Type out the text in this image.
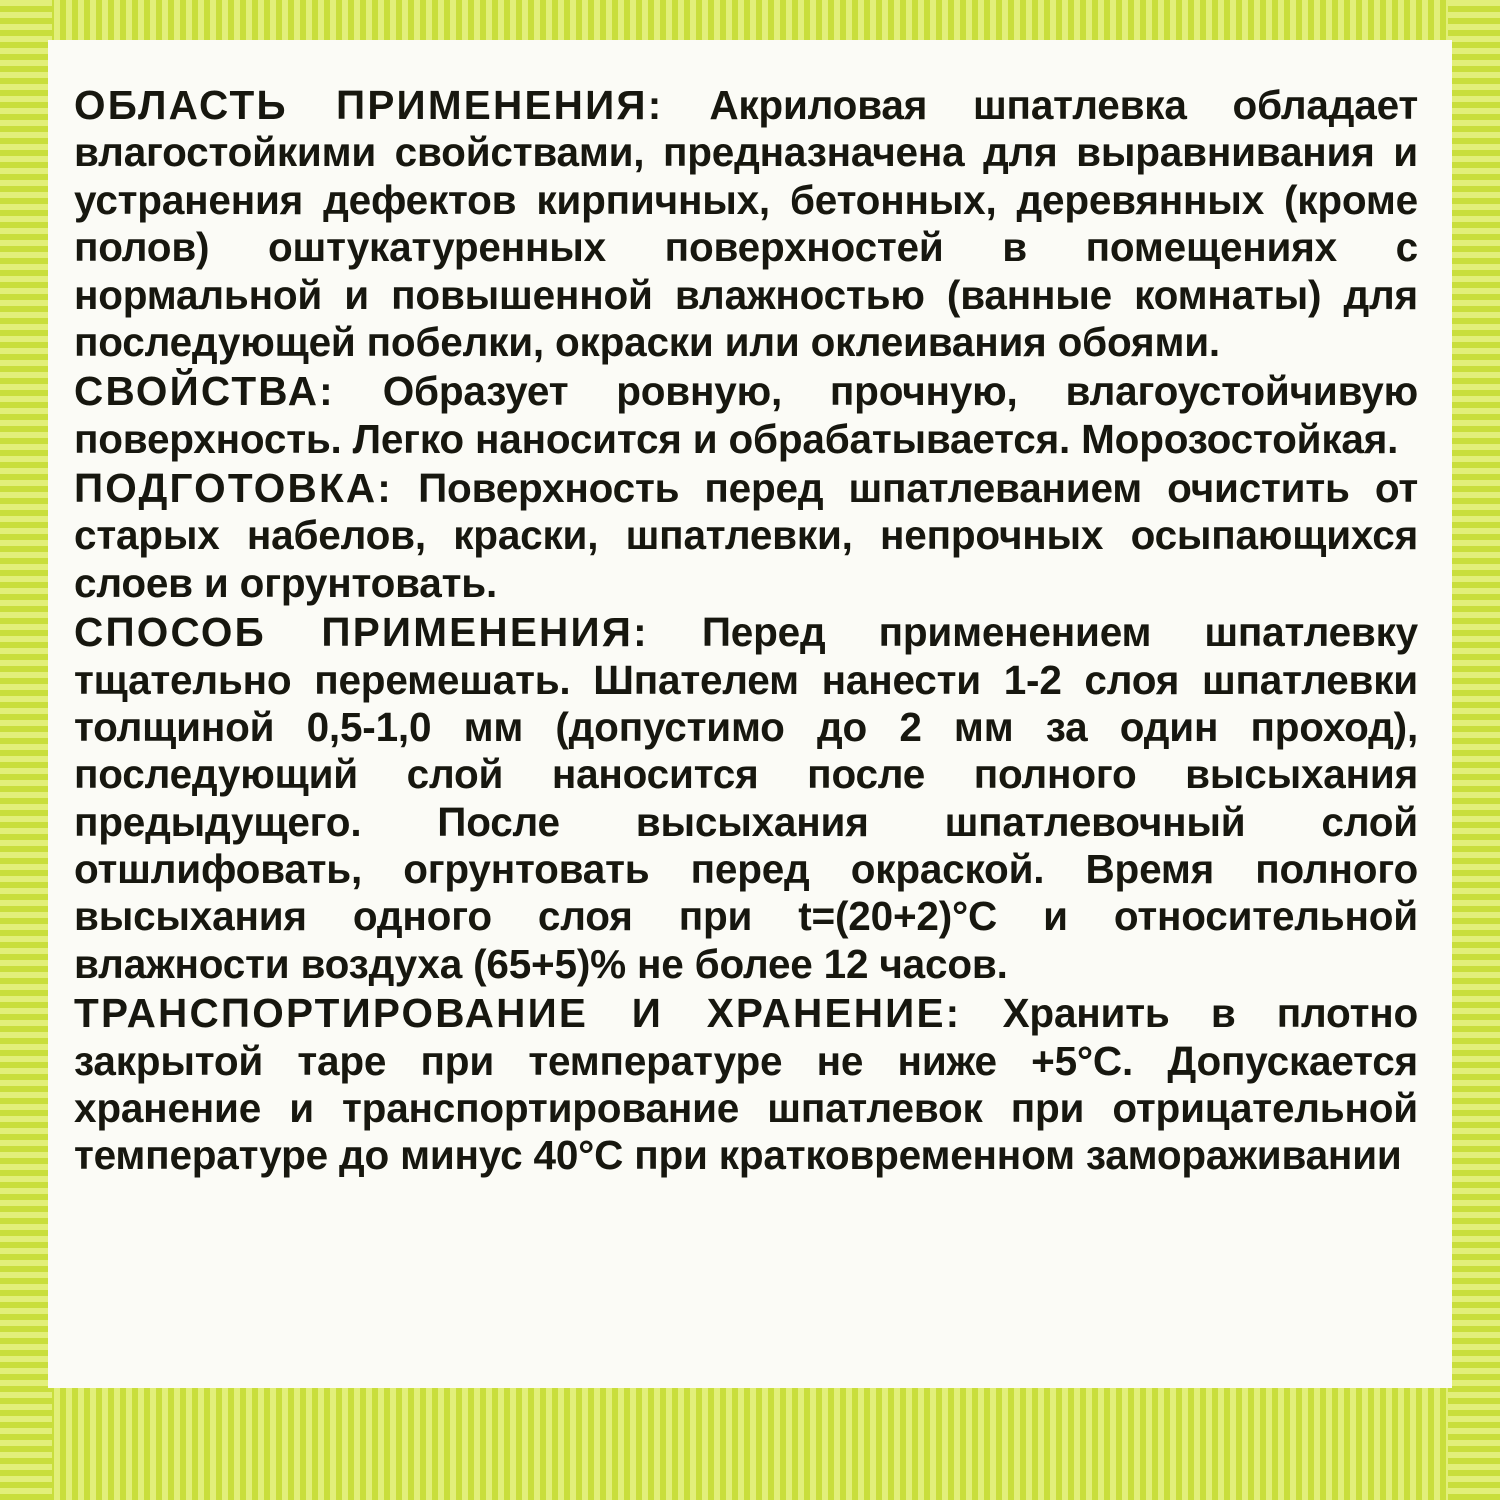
ОБЛАСТЬ ПРИМЕНЕНИЯ: Акриловая шпатлевка обладает влагостойкими свойствами, предназначена для выравнивания и устранения дефектов кирпичных, бетонных, деревянных (кроме полов) оштукатуренных поверхностей в помещениях с нормальной и повышенной влажностью (ванные комнаты) для последующей побелки, окраски или оклеивания обоями.

СВОЙСТВА: Образует ровную, прочную, влагоустойчивую поверхность. Легко наносится и обрабатывается. Морозостойкая.

ПОДГОТОВКА: Поверхность перед шпатлеванием очистить от старых набелов, краски, шпатлевки, непрочных осыпающихся слоев и огрунтовать.

СПОСОБ ПРИМЕНЕНИЯ: Перед применением шпатлевку тщательно перемешать. Шпателем нанести 1-2 слоя шпатлевки толщиной 0,5-1,0 мм (допустимо до 2 мм за один проход), последующий слой наносится после полного высыхания предыдущего. После высыхания шпатлевочный слой отшлифовать, огрунтовать перед окраской. Время полного высыхания одного слоя при t=(20+2)°С и относительной влажности воздуха (65+5)% не более 12 часов.

ТРАНСПОРТИРОВАНИЕ И ХРАНЕНИЕ: Хранить в плотно закрытой таре при температуре не ниже +5°С. Допускается хранение и транспортирование шпатлевок при отрицательной температуре до минус 40°С при кратковременном замораживании
